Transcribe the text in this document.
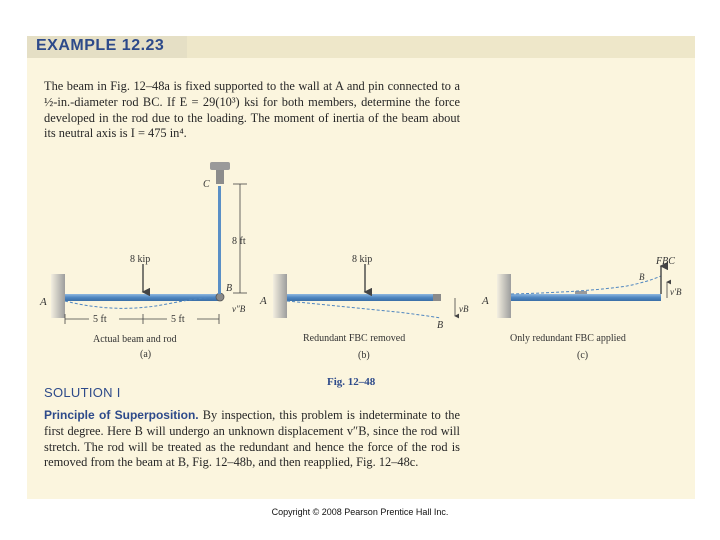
EXAMPLE 12.23
The beam in Fig. 12–48a is fixed supported to the wall at A and pin connected to a ½-in.-diameter rod BC. If E = 29(10³) ksi for both members, determine the force developed in the rod due to the loading. The moment of inertia of the beam about its neutral axis is I = 475 in⁴.
C
8 ft
8 kip
A
B
v″B
5 ft	5 ft
Actual beam and rod
(a)
8 kip
A
vB
B
Redundant FBC removed
(b)
FBC
B
v′B
A
Only redundant FBC applied
(c)
Fig. 12–48
SOLUTION I
Principle of Superposition. By inspection, this problem is indeterminate to the first degree. Here B will undergo an unknown displacement v″B, since the rod will stretch. The rod will be treated as the redundant and hence the force of the rod is removed from the beam at B, Fig. 12–48b, and then reapplied, Fig. 12–48c.
Copyright © 2008 Pearson Prentice Hall Inc.
